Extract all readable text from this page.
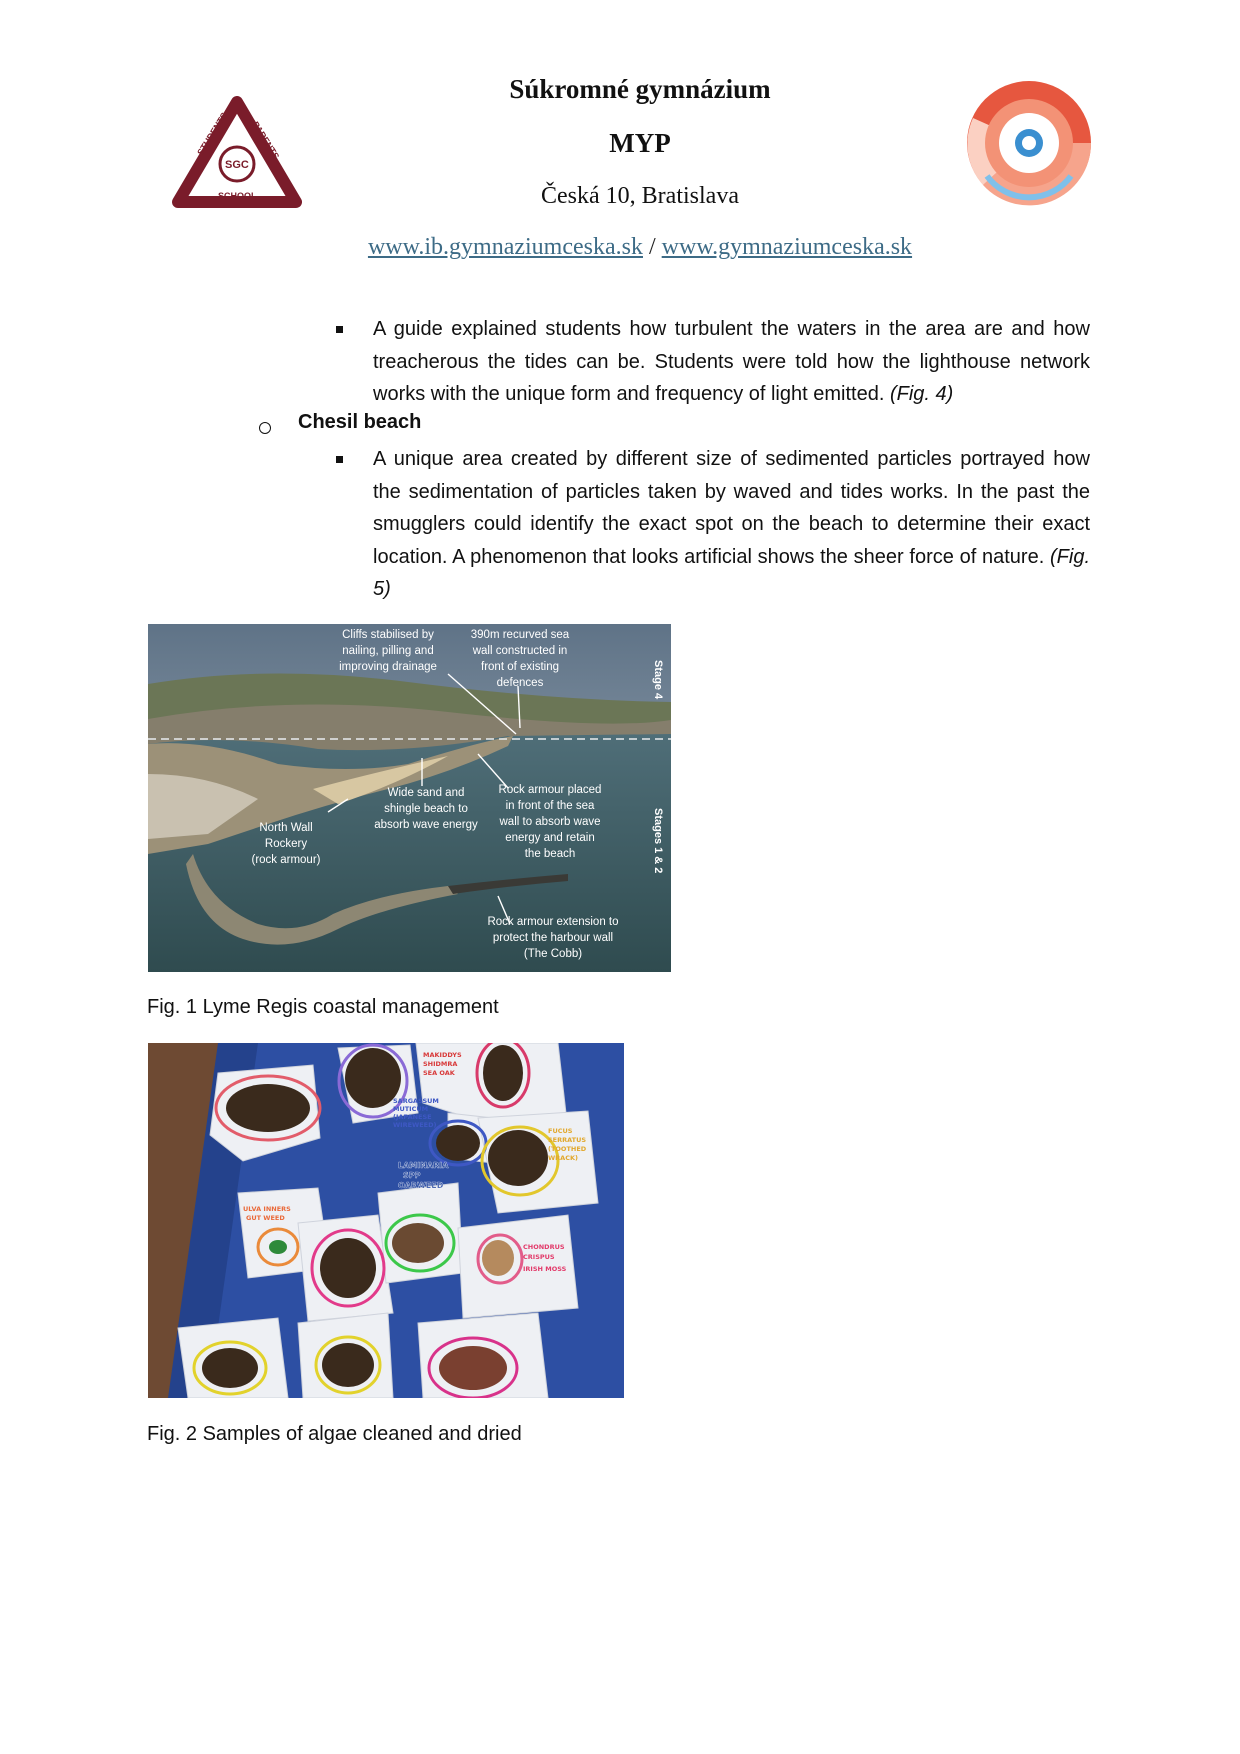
STUDENTS PARENTS
SCHOOL
SGC
Súkromné gymnázium
MYP
Česká 10, Bratislava
www.ib.gymnaziumceska.sk / www.gymnaziumceska.sk
A guide explained students how turbulent the waters in the area are and how treacherous the tides can be. Students were told how the lighthouse network works with the unique form and frequency of light emitted. (Fig. 4)
Chesil beach
A unique area created by different size of sedimented particles portrayed how the sedimentation of particles taken by waved and tides works. In the past the smugglers could identify the exact spot on the beach to determine their exact location. A phenomenon that looks artificial shows the sheer force of nature. (Fig. 5)
Cliffs stabilised by nailing, pilling and improving drainage
390m recurved sea wall constructed in front of existing defences
Wide sand and shingle beach to absorb wave energy
Rock armour placed in front of the sea wall to absorb wave energy and retain the beach
North Wall Rockery (rock armour)
Rock armour extension to protect the harbour wall (The Cobb)
Stage 4
Stages 1 & 2
Fig. 1 Lyme Regis coastal management
MAKIDDYS SHIDMRA SEA OAK
SARGASSUM MUTICUM (JAPANESE WIREWEED)
FUCUS SERRATUS (TOOTHED WRACK)
LAMINARIA SPP OARWEED
ULVA INNERS GUT WEED
CHONDRUS CRISPUS IRISH MOSS
Fig. 2 Samples of algae cleaned and dried
